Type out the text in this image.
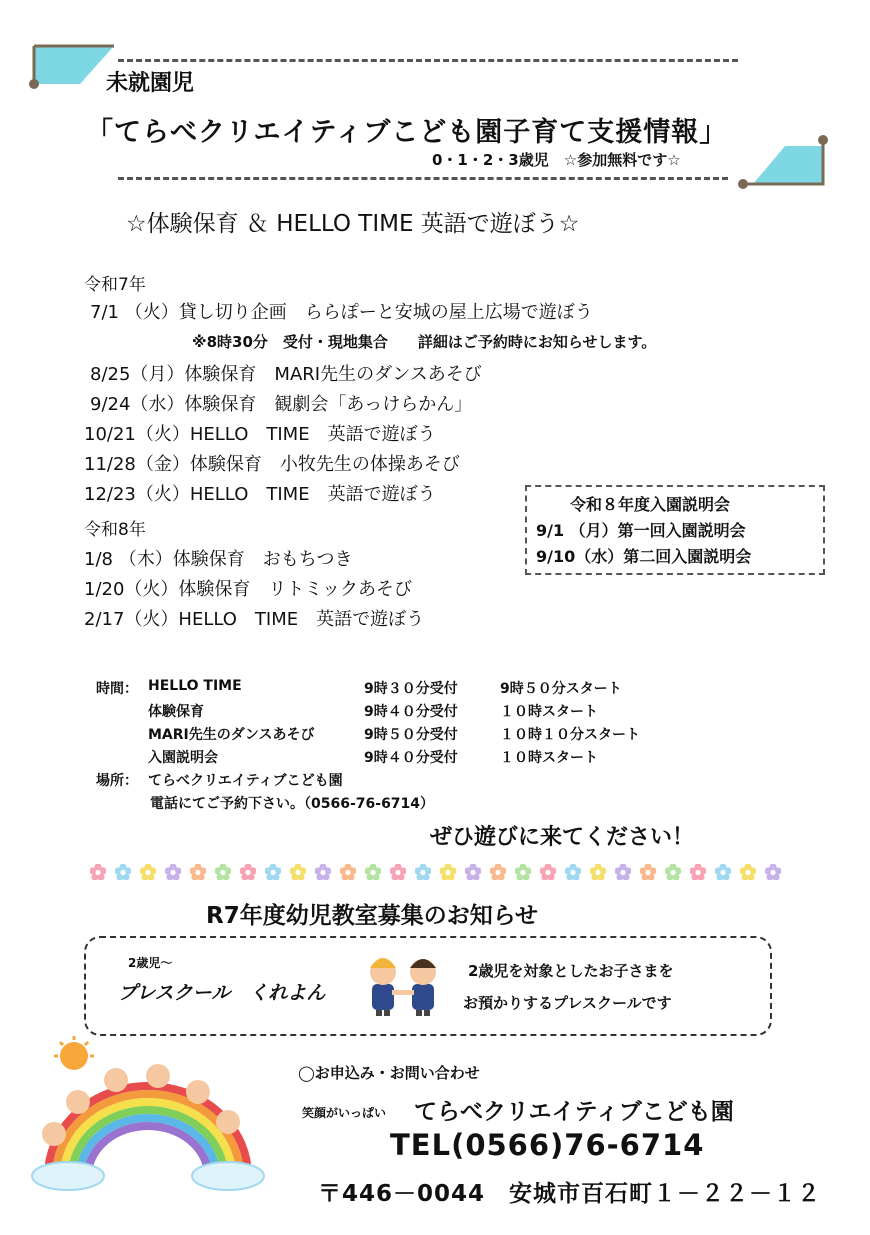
未就園児
「てらべクリエイティブこども園子育て支援情報」
0・1・2・3歳児　☆参加無料です☆
☆体験保育 ＆ HELLO TIME 英語で遊ぼう☆
令和7年
7/1 （火）貸し切り企画　ららぽーと安城の屋上広場で遊ぼう
※8時30分　受付・現地集合　　詳細はご予約時にお知らせします。
8/25（月）体験保育　MARI先生のダンスあそび
9/24（水）体験保育　観劇会「あっけらかん」
10/21（火）HELLO　TIME　英語で遊ぼう
11/28（金）体験保育　小牧先生の体操あそび
12/23（火）HELLO　TIME　英語で遊ぼう
令和8年
1/8 （木）体験保育　おもちつき
1/20（火）体験保育　リトミックあそび
2/17（火）HELLO　TIME　英語で遊ぼう
令和８年度入園説明会
9/1 （月）第一回入園説明会
9/10（水）第二回入園説明会
時間： HELLO TIME	9時３０分受付	9時５０分スタート
体験保育	9時４０分受付	１０時スタート
MARI先生のダンスあそび	9時５０分受付	１０時１０分スタート
入園説明会	9時４０分受付	１０時スタート
場所： てらべクリエイティブこども園
電話にてご予約下さい。（0566-76-6714）
ぜひ遊びに来てください！
R7年度幼児教室募集のお知らせ
2歳児～
プレスクール　くれよん
2歳児を対象としたお子さまを
お預かりするプレスクールです
◯お申込み・お問い合わせ
笑顔がいっぱい てらべクリエイティブこども園
TEL(0566)76-6714
〒446－0044　安城市百石町１－２２－１２
